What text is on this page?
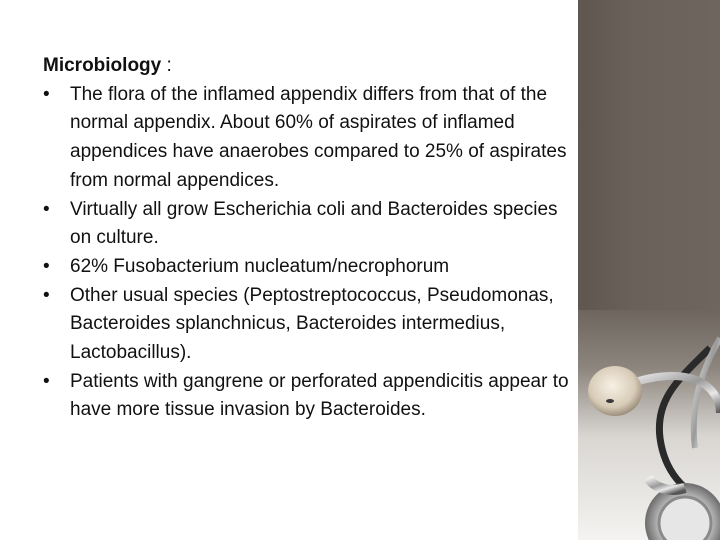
Microbiology :

• The flora of the inflamed appendix differs from that of the normal appendix. About 60% of aspirates of inflamed appendices have anaerobes compared to 25% of aspirates from normal appendices.
• Virtually all grow Escherichia coli and Bacteroides species on culture.
• 62% Fusobacterium nucleatum/necrophorum
• Other usual species (Peptostreptococcus, Pseudomonas, Bacteroides splanchnicus, Bacteroides intermedius, Lactobacillus).
• Patients with gangrene or perforated appendicitis appear to have more tissue invasion by Bacteroides.
